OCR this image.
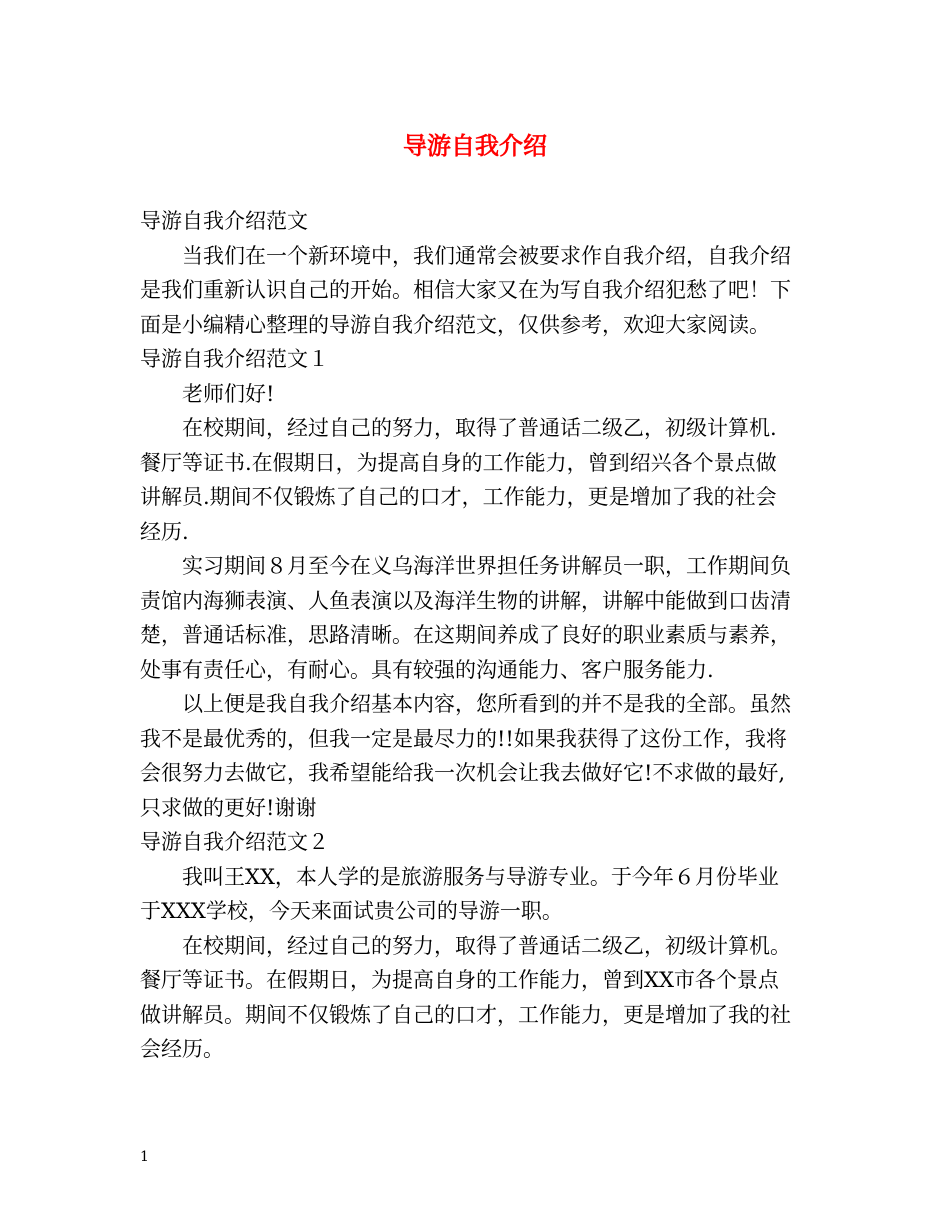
导游自我介绍

导游自我介绍范文

当我们在一个新环境中，我们通常会被要求作自我介绍，自我介绍

是我们重新认识自己的开始。相信大家又在为写自我介绍犯愁了吧！下

面是小编精心整理的导游自我介绍范文，仅供参考，欢迎大家阅读。

导游自我介绍范文１

老师们好!

在校期间，经过自己的努力，取得了普通话二级乙，初级计算机.

餐厅等证书.在假期日，为提高自身的工作能力，曾到绍兴各个景点做

讲解员.期间不仅锻炼了自己的口才，工作能力，更是增加了我的社会

经历.

实习期间８月至今在义乌海洋世界担任务讲解员一职，工作期间负

责馆内海狮表演、人鱼表演以及海洋生物的讲解，讲解中能做到口齿清

楚，普通话标准，思路清晰。在这期间养成了良好的职业素质与素养，

处事有责任心，有耐心。具有较强的沟通能力、客户服务能力.

以上便是我自我介绍基本内容，您所看到的并不是我的全部。虽然

我不是最优秀的，但我一定是最尽力的!!如果我获得了这份工作，我将

会很努力去做它，我希望能给我一次机会让我去做好它!不求做的最好,

只求做的更好!谢谢

导游自我介绍范文２

我叫王XX，本人学的是旅游服务与导游专业。于今年６月份毕业

于XXX学校，今天来面试贵公司的导游一职。

在校期间，经过自己的努力，取得了普通话二级乙，初级计算机。

餐厅等证书。在假期日，为提高自身的工作能力，曾到XX市各个景点

做讲解员。期间不仅锻炼了自己的口才，工作能力，更是增加了我的社

会经历。

1
